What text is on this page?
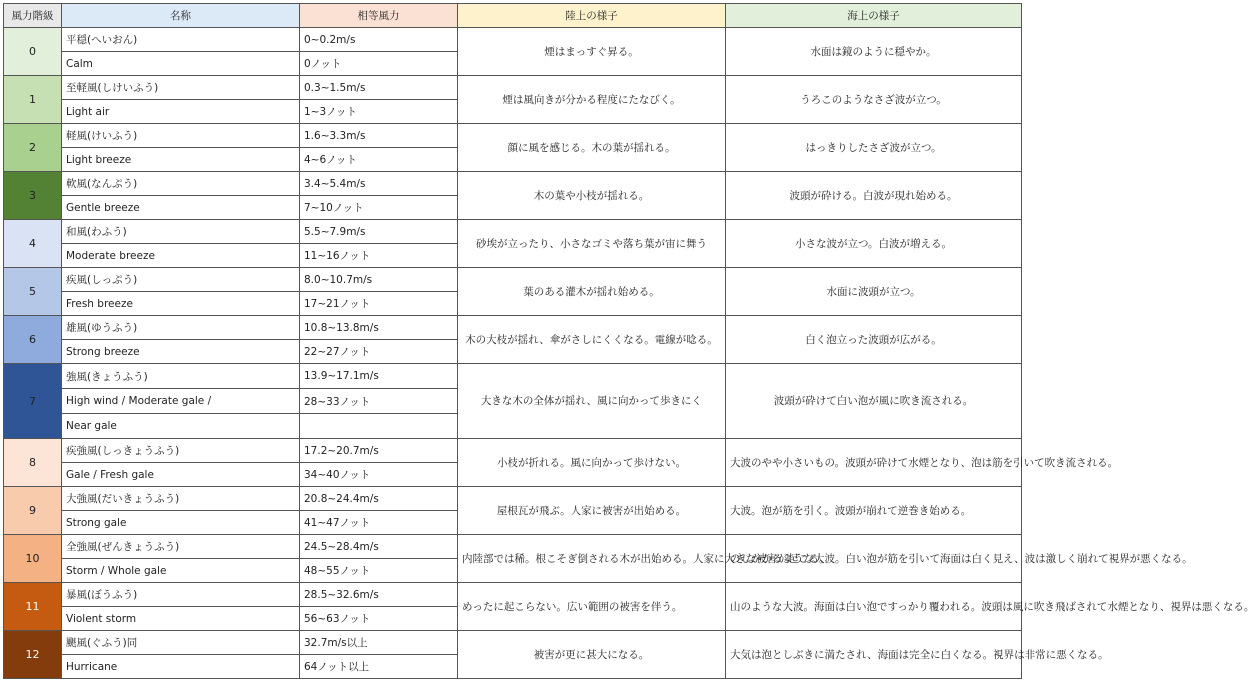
風力階級	名称	相等風力	陸上の様子	海上の様子
0	平穏(へいおん)	0~0.2m/s	煙はまっすぐ昇る。	水面は鏡のように穏やか。
	Calm	0ノット		
1	至軽風(しけいふう)	0.3~1.5m/s	煙は風向きが分かる程度にたなびく。	うろこのようなさざ波が立つ。
	Light air	1~3ノット		
2	軽風(けいふう)	1.6~3.3m/s	顔に風を感じる。木の葉が揺れる。	はっきりしたさざ波が立つ。
	Light breeze	4~6ノット		
3	軟風(なんぷう)	3.4~5.4m/s	木の葉や小枝が揺れる。	波頭が砕ける。白波が現れ始める。
	Gentle breeze	7~10ノット		
4	和風(わふう)	5.5~7.9m/s	砂埃が立ったり、小さなゴミや落ち葉が宙に舞う	小さな波が立つ。白波が増える。
	Moderate breeze	11~16ノット		
5	疾風(しっぷう)	8.0~10.7m/s	葉のある灌木が揺れ始める。	水面に波頭が立つ。
	Fresh breeze	17~21ノット		
6	雄風(ゆうふう)	10.8~13.8m/s	木の大枝が揺れ、傘がさしにくくなる。電線が唸る。	白く泡立った波頭が広がる。
	Strong breeze	22~27ノット		
7	強風(きょうふう)	13.9~17.1m/s	大きな木の全体が揺れ、風に向かって歩きにく	波頭が砕けて白い泡が風に吹き流される。
	High wind / Moderate gale /	28~33ノット		
	Near gale			
8	疾強風(しっきょうふう)	17.2~20.7m/s	小枝が折れる。風に向かって歩けない。	大波のやや小さいもの。波頭が砕けて水煙となり、泡は筋を引いて吹き流される。
	Gale / Fresh gale	34~40ノット		
9	大強風(だいきょうふう)	20.8~24.4m/s	屋根瓦が飛ぶ。人家に被害が出始める。	大波。泡が筋を引く。波頭が崩れて逆巻き始める。
	Strong gale	41~47ノット		
10	全強風(ぜんきょうふう)	24.5~28.4m/s	内陸部では稀。根こそぎ倒される木が出始める。人家に大きな被害が起こる。	のしかかるような大波。白い泡が筋を引いて海面は白く見え、波は激しく崩れて視界が悪くなる。
	Storm / Whole gale	48~55ノット		
11	暴風(ぼうふう)	28.5~32.6m/s	めったに起こらない。広い範囲の被害を伴う。	山のような大波。海面は白い泡ですっかり覆われる。波頭は風に吹き飛ばされて水煙となり、視界は悪くなる。
	Violent storm	56~63ノット		
12	颶風(ぐふう)同	32.7m/s以上	被害が更に甚大になる。	大気は泡としぶきに満たされ、海面は完全に白くなる。視界は非常に悪くなる。
	Hurricane	64ノット以上		
